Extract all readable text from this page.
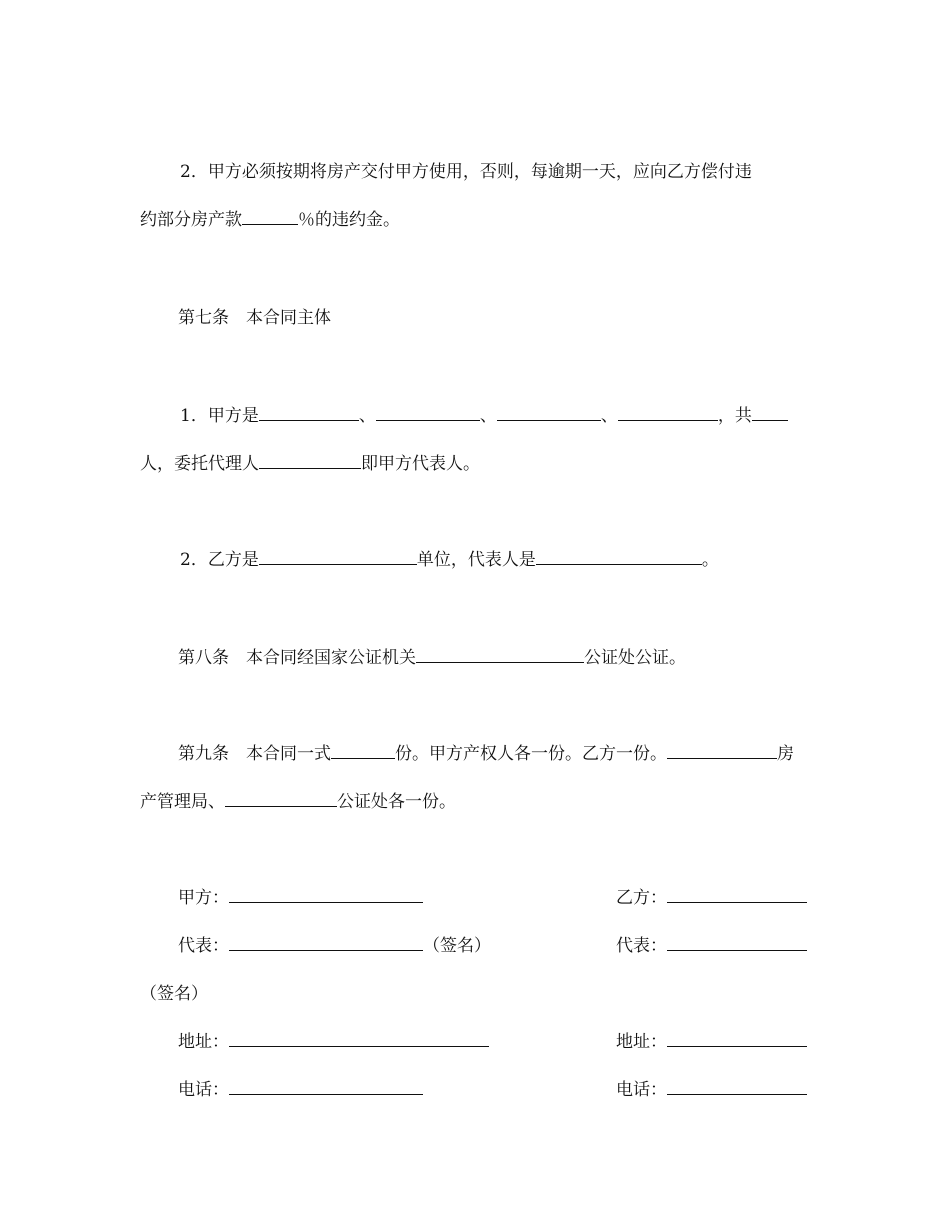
2．甲方必须按期将房产交付甲方使用，否则，每逾期一天，应向乙方偿付违
约部分房产款	％的违约金。
第七条　本合同主体
1．甲方是	、	、	、	，共
人，委托代理人	即甲方代表人。
2．乙方是	单位，代表人是	。
第八条　本合同经国家公证机关	公证处公证。
第九条　本合同一式	份。甲方产权人各一份。乙方一份。	房
产管理局、	公证处各一份。
甲方：	乙方：
代表：	（签名）	代表：
（签名）
地址：	地址：
电话：	电话：
